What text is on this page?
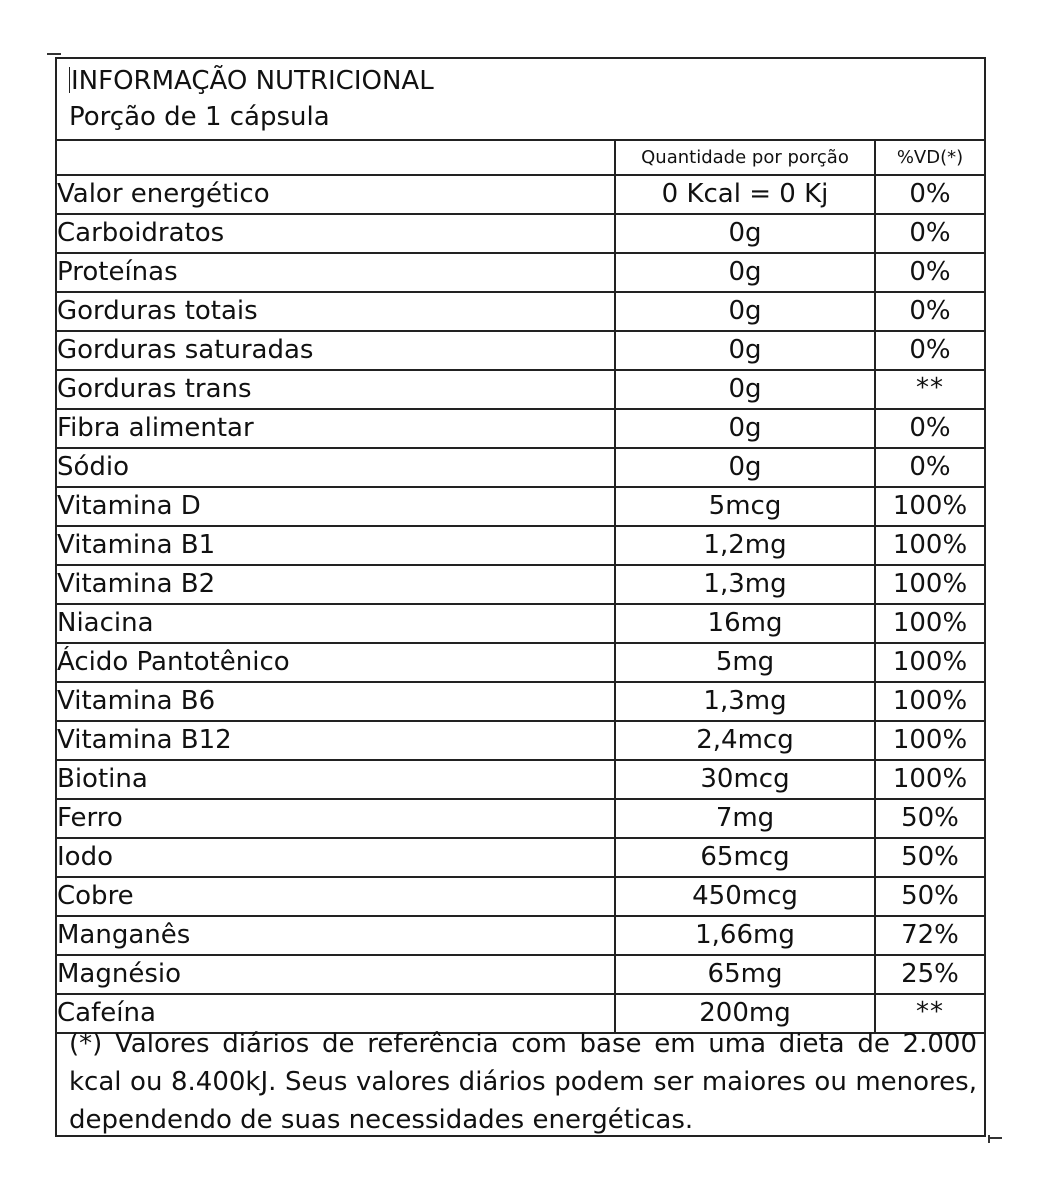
INFORMAÇÃO NUTRICIONAL
Porção de 1 cápsula
	Quantidade por porção	%VD(*)
Valor energético	0 Kcal = 0 Kj	0%
Carboidratos	0g	0%
Proteínas	0g	0%
Gorduras totais	0g	0%
Gorduras saturadas	0g	0%
Gorduras trans	0g	**
Fibra alimentar	0g	0%
Sódio	0g	0%
Vitamina D	5mcg	100%
Vitamina B1	1,2mg	100%
Vitamina B2	1,3mg	100%
Niacina	16mg	100%
Ácido Pantotênico	5mg	100%
Vitamina B6	1,3mg	100%
Vitamina B12	2,4mcg	100%
Biotina	30mcg	100%
Ferro	7mg	50%
Iodo	65mcg	50%
Cobre	450mcg	50%
Manganês	1,66mg	72%
Magnésio	65mg	25%
Cafeína	200mg	**
(*) Valores diários de referência com base em uma dieta de 2.000 kcal ou 8.400kJ. Seus valores diários podem ser maiores ou menores, dependendo de suas necessidades energéticas.
